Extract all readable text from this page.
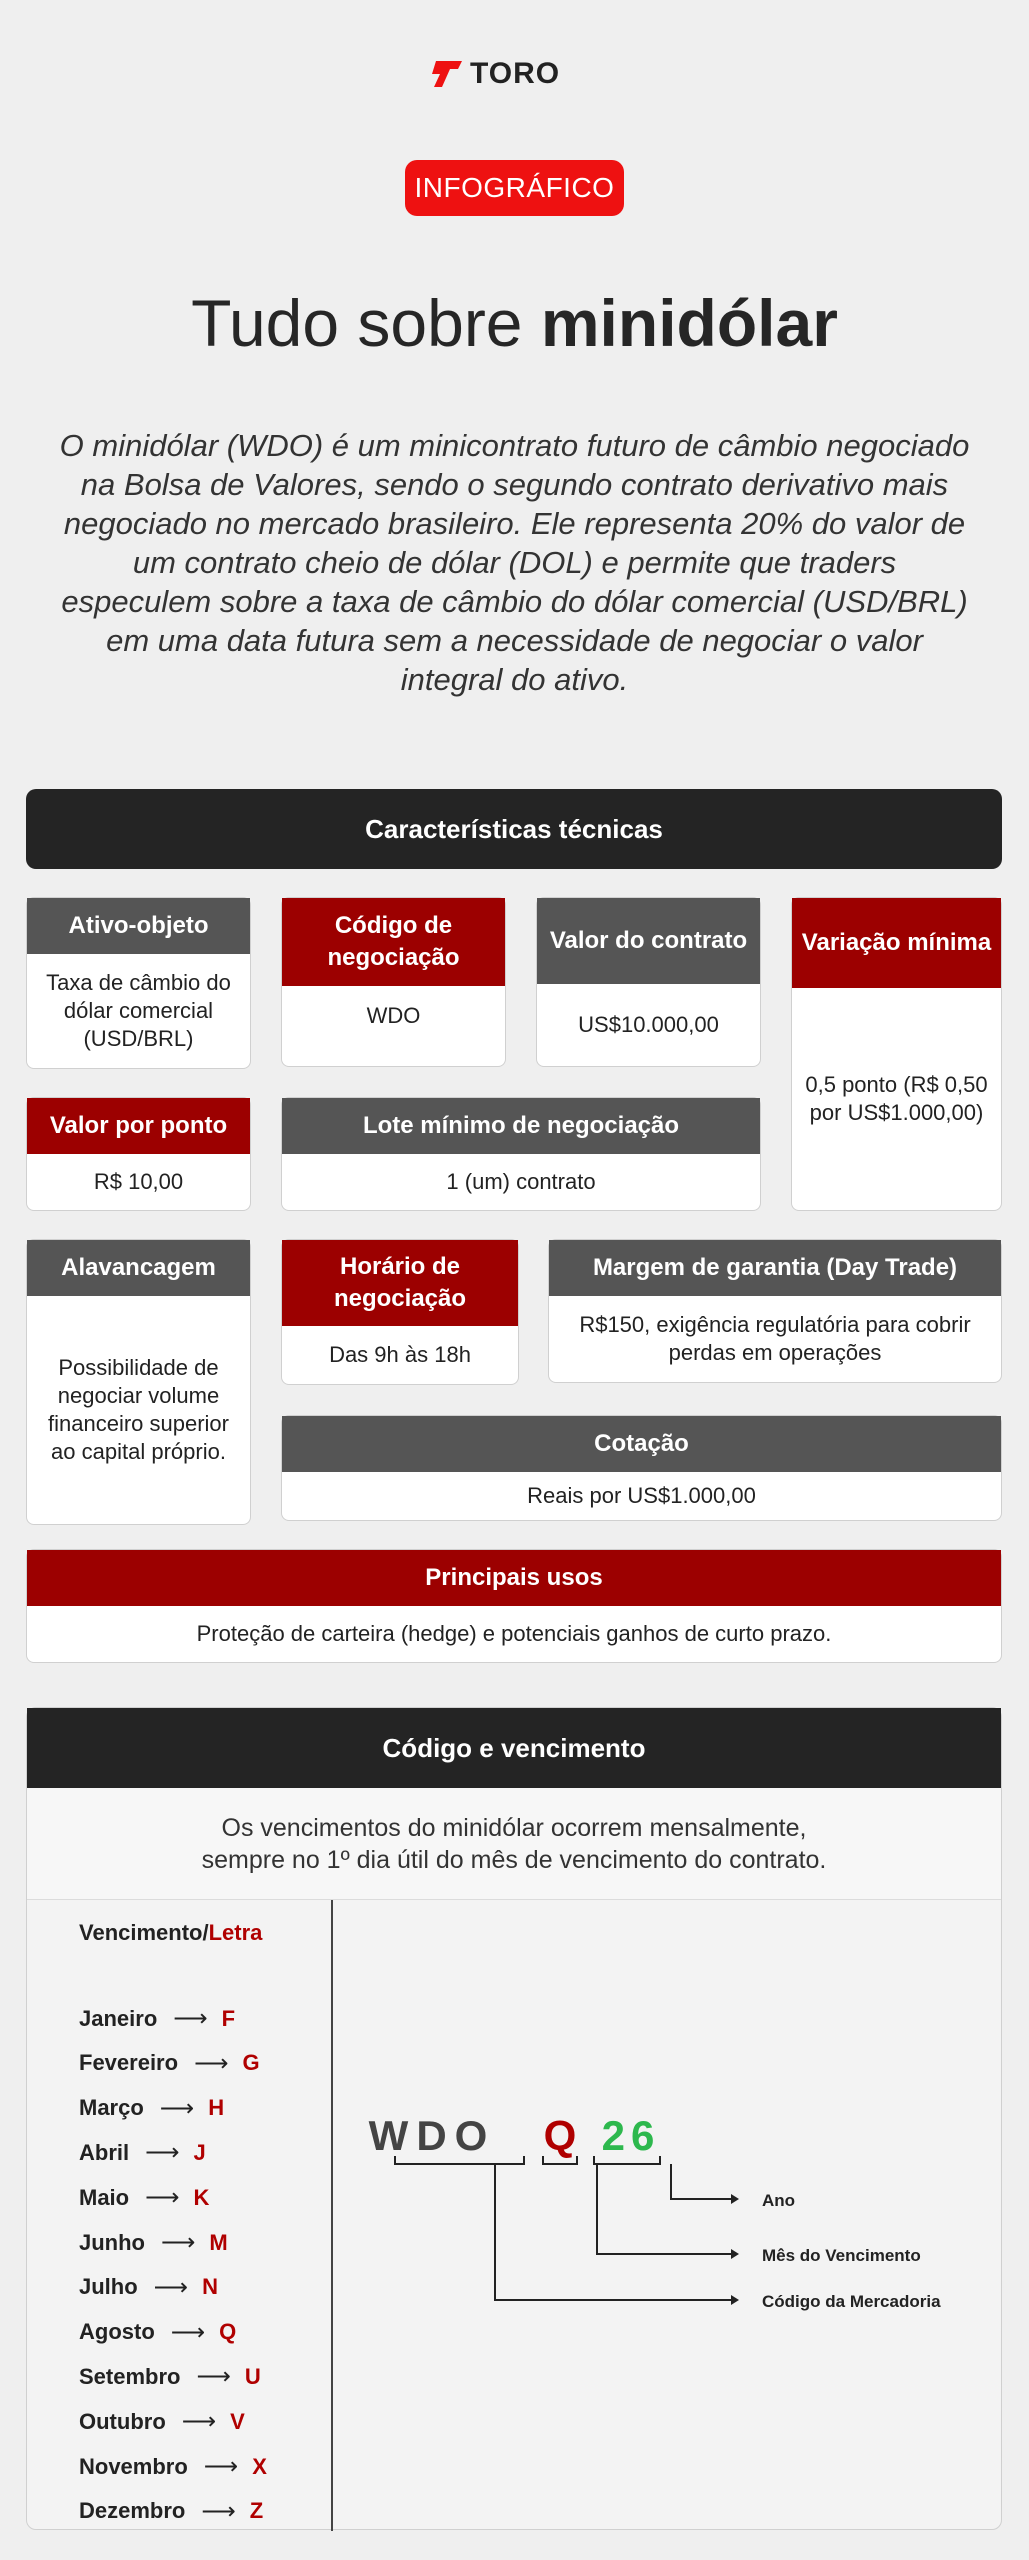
TORO
INFOGRÁFICO
Tudo sobre minidólar
O minidólar (WDO) é um minicontrato futuro de câmbio negociado na Bolsa de Valores, sendo o segundo contrato derivativo mais negociado no mercado brasileiro. Ele representa 20% do valor de um contrato cheio de dólar (DOL) e permite que traders especulem sobre a taxa de câmbio do dólar comercial (USD/BRL) em uma data futura sem a necessidade de negociar o valor integral do ativo.
Características técnicas
Ativo-objeto
Taxa de câmbio do dólar comercial (USD/BRL)
Código de negociação
WDO
Valor do contrato
US$10.000,00
Variação mínima
0,5 ponto (R$ 0,50 por US$1.000,00)
Valor por ponto
R$ 10,00
Lote mínimo de negociação
1 (um) contrato
Alavancagem
Possibilidade de negociar volume financeiro superior ao capital próprio.
Horário de negociação
Das 9h às 18h
Margem de garantia (Day Trade)
R$150, exigência regulatória para cobrir perdas em operações
Cotação
Reais por US$1.000,00
Principais usos
Proteção de carteira (hedge) e potenciais ganhos de curto prazo.
Código e vencimento
Os vencimentos do minidólar ocorrem mensalmente,
sempre no 1º dia útil do mês de vencimento do contrato.
Vencimento/Letra
Janeiro ⟶ F
Fevereiro ⟶ G
Março ⟶ H
Abril ⟶ J
Maio ⟶ K
Junho ⟶ M
Julho ⟶ N
Agosto ⟶ Q
Setembro ⟶ U
Outubro ⟶ V
Novembro ⟶ X
Dezembro ⟶ Z
WDO Q 26
Ano
Mês do Vencimento
Código da Mercadoria
